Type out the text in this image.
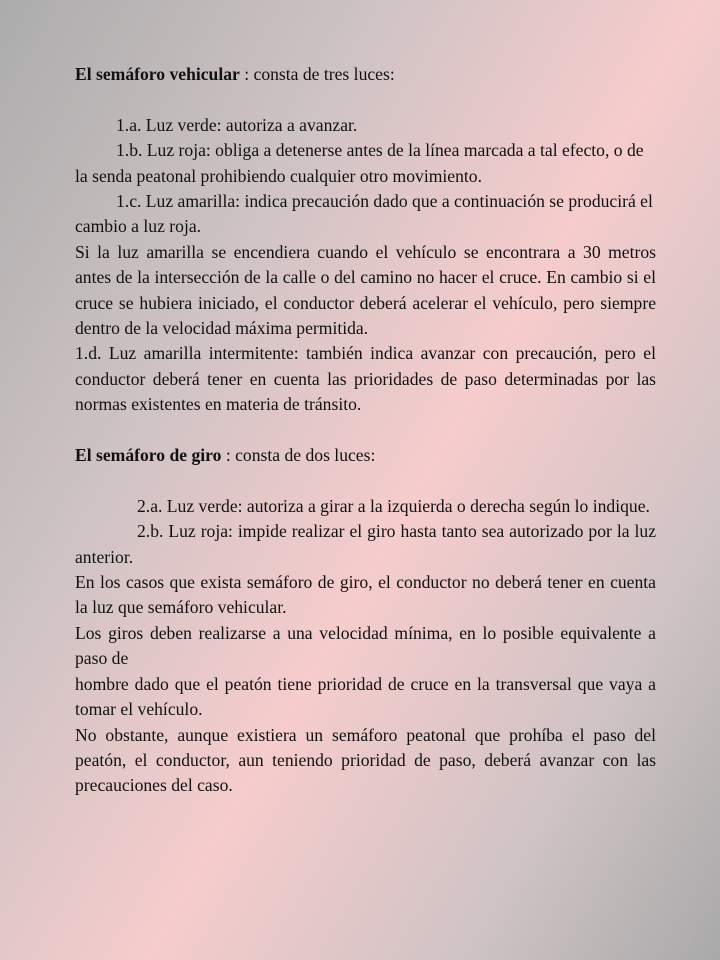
El semáforo vehicular : consta de tres luces:

1.a. Luz verde: autoriza a avanzar.

1.b. Luz roja: obliga a detenerse antes de la línea marcada a tal efecto, o de la senda peatonal prohibiendo cualquier otro movimiento.

1.c. Luz amarilla: indica precaución dado que a continuación se producirá el cambio a luz roja.

Si la luz amarilla se encendiera cuando el vehículo se encontrara a 30 metros antes de la intersección de la calle o del camino no hacer el cruce. En cambio si el cruce se hubiera iniciado, el conductor deberá acelerar el vehículo, pero siempre dentro de la velocidad máxima permitida.

1.d. Luz amarilla intermitente: también indica avanzar con precaución, pero el conductor deberá tener en cuenta las prioridades de paso determinadas por las normas existentes en materia de tránsito.

El semáforo de giro : consta de dos luces:

2.a. Luz verde: autoriza a girar a la izquierda o derecha según lo indique.

2.b. Luz roja: impide realizar el giro hasta tanto sea autorizado por la luz anterior.

En los casos que exista semáforo de giro, el conductor no deberá tener en cuenta la luz que semáforo vehicular.

Los giros deben realizarse a una velocidad mínima, en lo posible equivalente a paso de

hombre dado que el peatón tiene prioridad de cruce en la transversal que vaya a tomar el vehículo.

No obstante, aunque existiera un semáforo peatonal que prohíba el paso del peatón, el conductor, aun teniendo prioridad de paso, deberá avanzar con las precauciones del caso.
